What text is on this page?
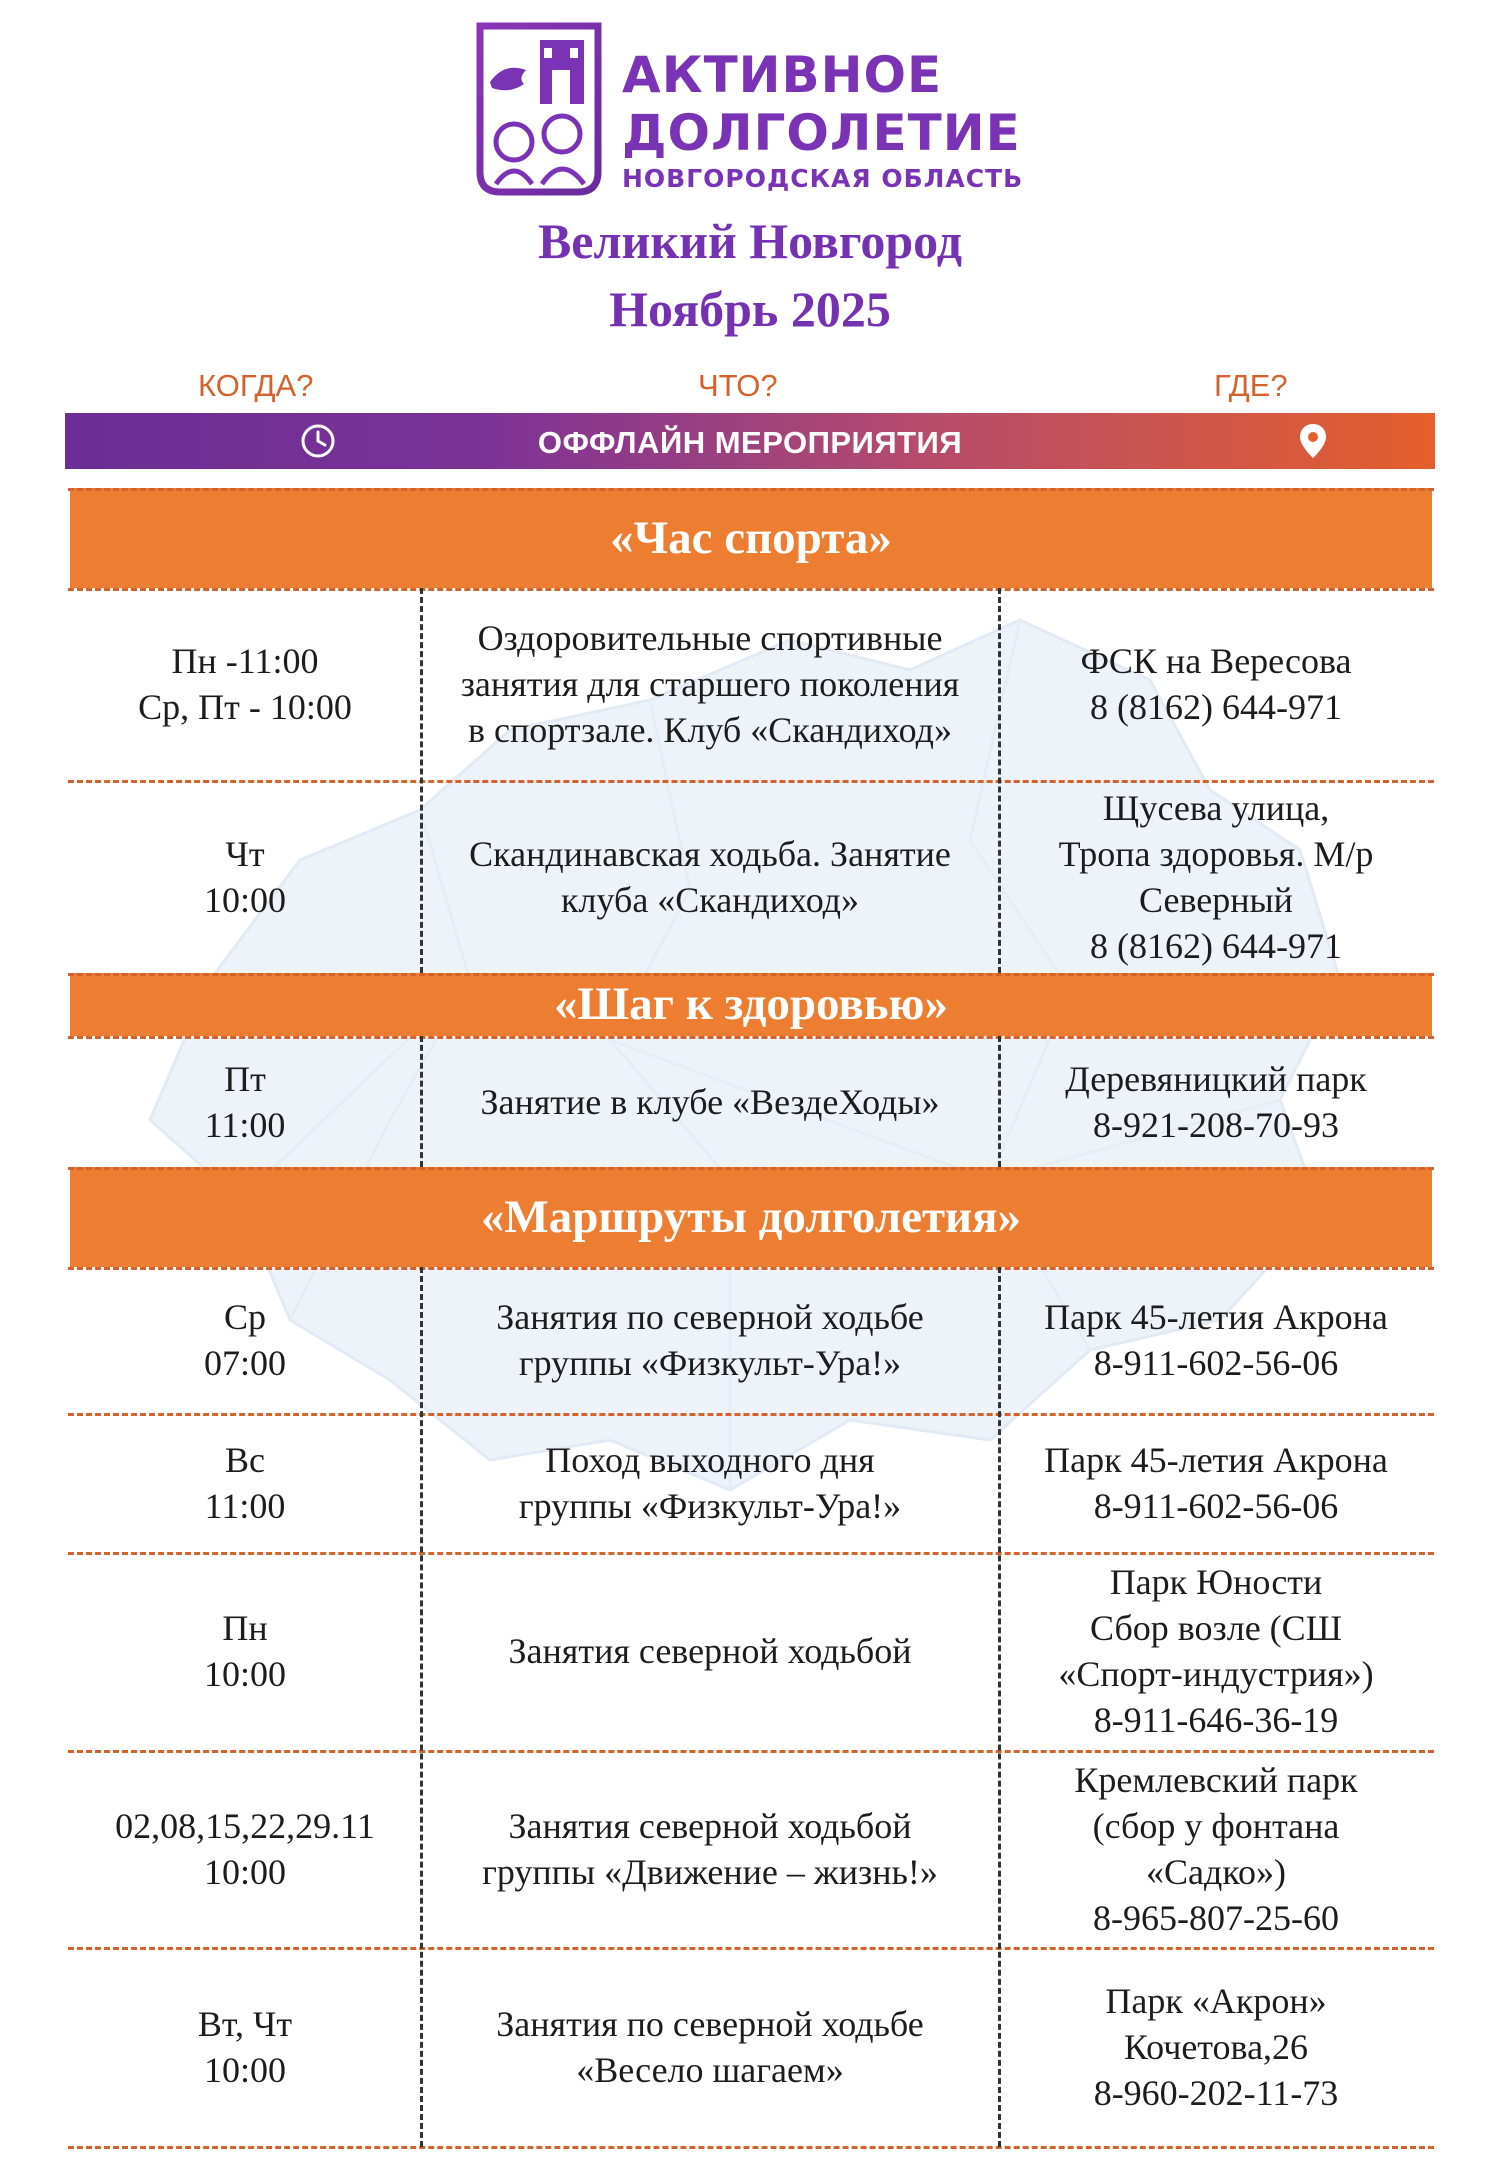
АКТИВНОЕ
ДОЛГОЛЕТИЕ
НОВГОРОДСКАЯ ОБЛАСТЬ
Великий Новгород
Ноябрь 2025
КОГДА?	ЧТО?	ГДЕ?
ОФФЛАЙН МЕРОПРИЯТИЯ
«Час спорта»
«Шаг к здоровью»
«Маршруты долголетия»
Пн -11:00
Ср, Пт - 10:00
Оздоровительные спортивные
занятия для старшего поколения
в спортзале. Клуб «Скандиход»
ФСК на Вересова
8 (8162) 644-971
Чт
10:00
Скандинавская ходьба. Занятие
клуба «Скандиход»
Щусева улица,
Тропа здоровья. М/р
Северный
8 (8162) 644-971
Пт
11:00
Занятие в клубе «ВездеХоды»
Деревяницкий парк
8-921-208-70-93
Ср
07:00
Занятия по северной ходьбе
группы «Физкульт-Ура!»
Парк 45-летия Акрона
8-911-602-56-06
Вс
11:00
Поход выходного дня
группы «Физкульт-Ура!»
Парк 45-летия Акрона
8-911-602-56-06
Пн
10:00
Занятия северной ходьбой
Парк Юности
Сбор возле (СШ
«Спорт-индустрия»)
8-911-646-36-19
02,08,15,22,29.11
10:00
Занятия северной ходьбой
группы «Движение – жизнь!»
Кремлевский парк
(сбор у фонтана
«Садко»)
8-965-807-25-60
Вт, Чт
10:00
Занятия по северной ходьбе
«Весело шагаем»
Парк «Акрон»
Кочетова,26
8-960-202-11-73
